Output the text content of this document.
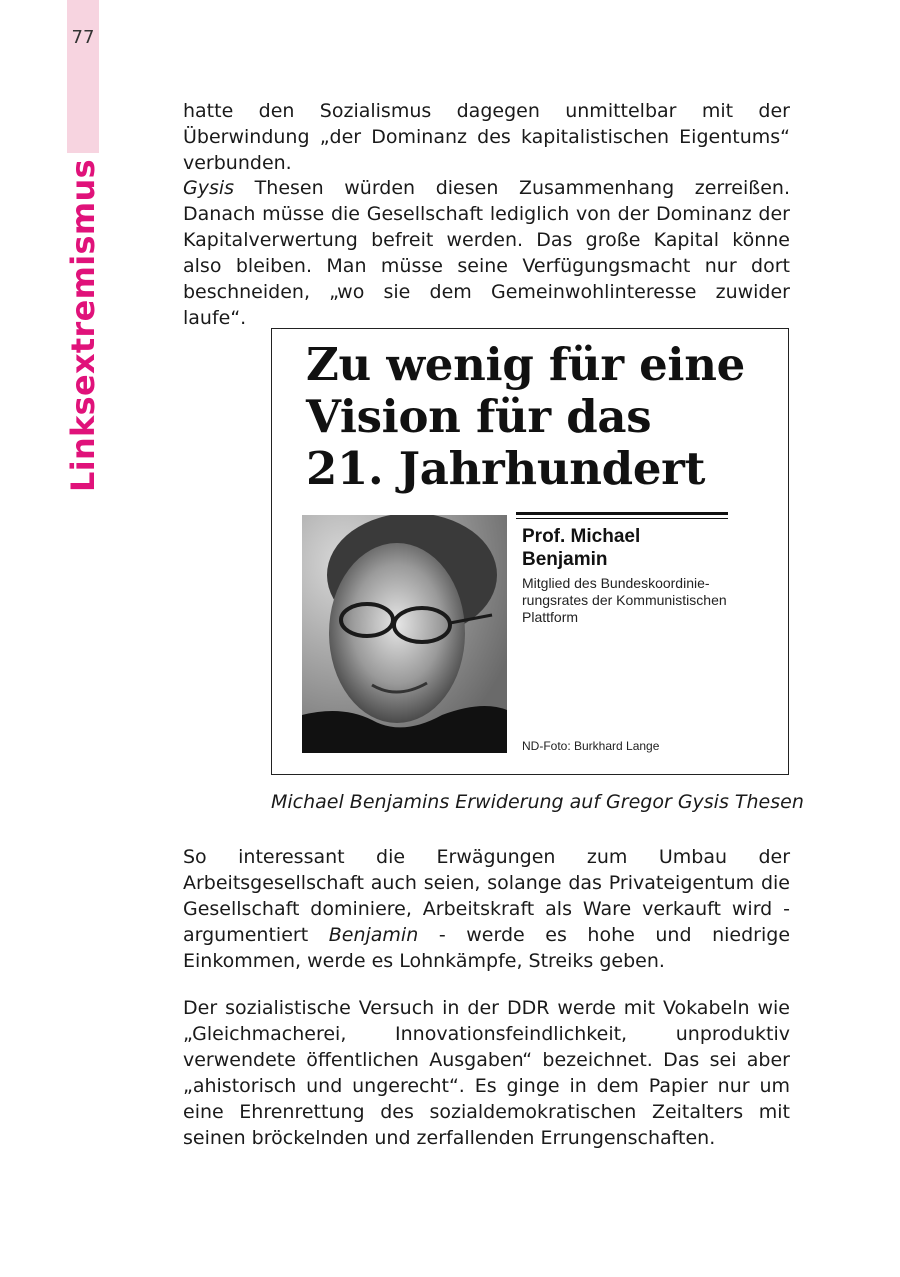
77
Linksextremismus

hatte den Sozialismus dagegen unmittelbar mit der Überwindung „der Dominanz des kapitalistischen Eigentums“ verbunden.

Gysis Thesen würden diesen Zusammenhang zerreißen. Danach müsse die Gesellschaft lediglich von der Dominanz der Kapitalverwertung befreit werden. Das große Kapital könne also bleiben. Man müsse seine Verfügungsmacht nur dort beschneiden, „wo sie dem Gemeinwohlinteresse zuwider laufe“.

Zu wenig für eine
Vision für das
21. Jahrhundert
Prof. Michael
Benjamin
Mitglied des Bundeskoordinie-
rungsrates der Kommunistischen
Plattform
ND-Foto: Burkhard Lange
Michael Benjamins Erwiderung auf Gregor Gysis Thesen

So interessant die Erwägungen zum Umbau der Arbeitsgesellschaft auch seien, solange das Privateigentum die Gesellschaft dominiere, Arbeitskraft als Ware verkauft wird - argumentiert Benjamin - werde es hohe und niedrige Einkommen, werde es Lohnkämpfe, Streiks geben.

Der sozialistische Versuch in der DDR werde mit Vokabeln wie „Gleichmacherei, Innovationsfeindlichkeit, unproduktiv verwendete öffentlichen Ausgaben“ bezeichnet. Das sei aber „ahistorisch und ungerecht“. Es ginge in dem Papier nur um eine Ehrenrettung des sozialdemokratischen Zeitalters mit seinen bröckelnden und zerfallenden Errungenschaften.
